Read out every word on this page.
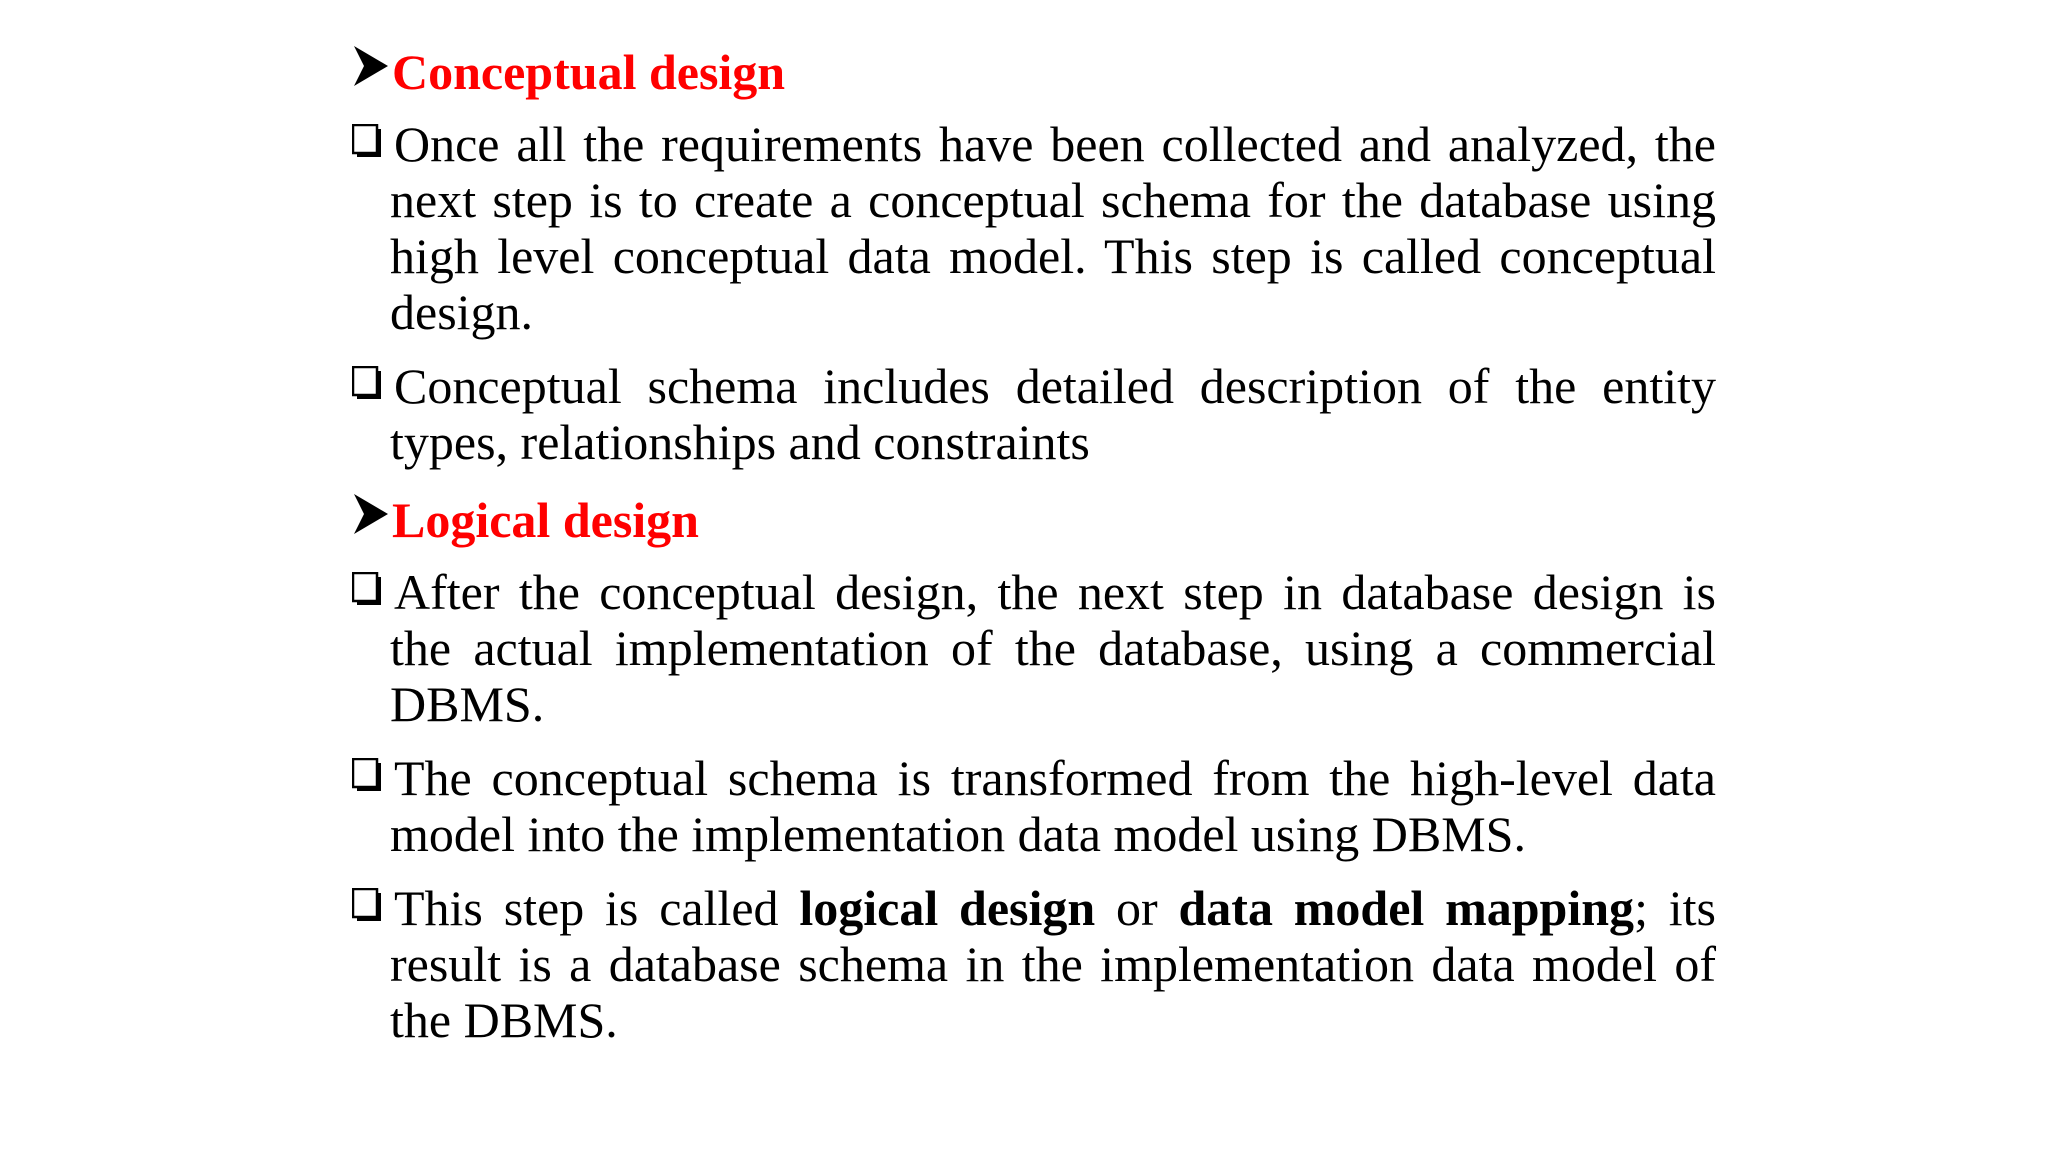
Conceptual design
Once all the requirements have been collected and analyzed, the next step is to create a conceptual schema for the database using high level conceptual data model. This step is called conceptual design.
Conceptual schema includes detailed description of the entity types, relationships and constraints
Logical design
After the conceptual design, the next step in database design is the actual implementation of the database, using a commercial DBMS.
The conceptual schema is transformed from the high-level data model into the implementation data model using DBMS.
This step is called logical design or data model mapping; its result is a database schema in the implementation data model of the DBMS.
